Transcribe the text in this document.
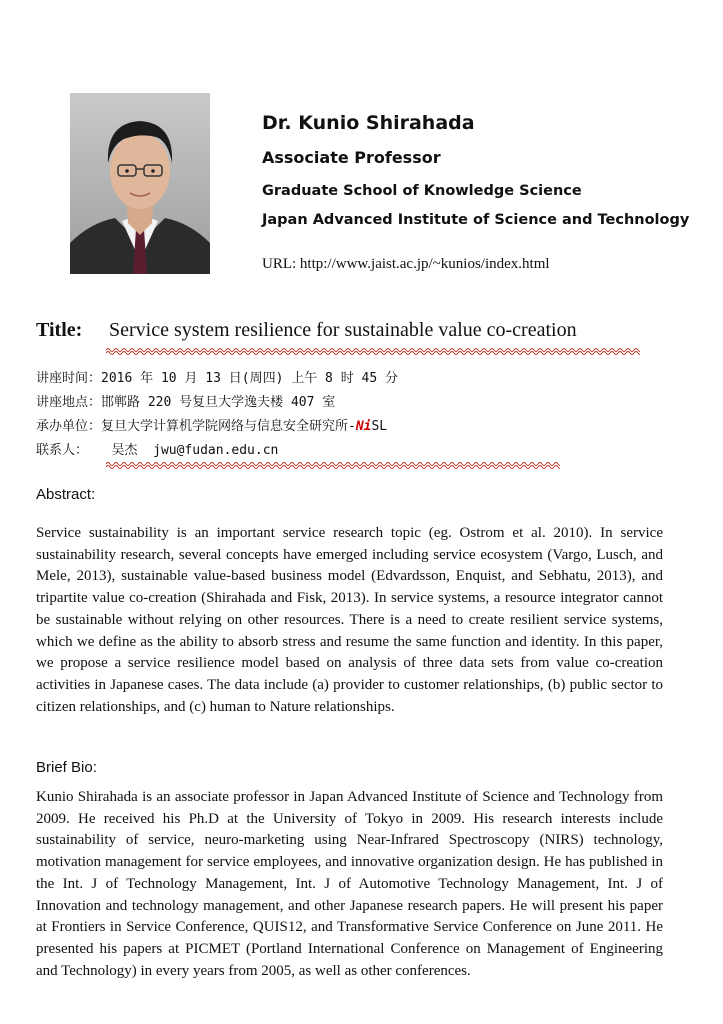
Dr. Kunio Shirahada
Associate Professor
Graduate School of Knowledge Science
Japan Advanced Institute of Science and Technology
URL: http://www.jaist.ac.jp/~kunios/index.html
Title: Service system resilience for sustainable value co-creation
讲座时间：2016 年 10 月 13 日(周四) 上午 8 时 45 分
讲座地点：邯郸路 220 号复旦大学逸夫楼 407 室
承办单位：复旦大学计算机学院网络与信息安全研究所-NiSL
联系人：   吴杰  jwu@fudan.edu.cn
Abstract:
Service sustainability is an important service research topic (eg. Ostrom et al. 2010). In service sustainability research, several concepts have emerged including service ecosystem (Vargo, Lusch, and Mele, 2013), sustainable value-based business model (Edvardsson, Enquist, and Sebhatu, 2013), and tripartite value co-creation (Shirahada and Fisk, 2013). In service systems, a resource integrator cannot be sustainable without relying on other resources. There is a need to create resilient service systems, which we define as the ability to absorb stress and resume the same function and identity. In this paper, we propose a service resilience model based on analysis of three data sets from value co-creation activities in Japanese cases. The data include (a) provider to customer relationships, (b) public sector to citizen relationships, and (c) human to Nature relationships.
Brief Bio:
Kunio Shirahada is an associate professor in Japan Advanced Institute of Science and Technology from 2009. He received his Ph.D at the University of Tokyo in 2009. His research interests include sustainability of service, neuro-marketing using Near-Infrared Spectroscopy (NIRS) technology, motivation management for service employees, and innovative organization design. He has published in the Int. J of Technology Management, Int. J of Automotive Technology Management, Int. J of Innovation and technology management, and other Japanese research papers. He will present his paper at Frontiers in Service Conference, QUIS12, and Transformative Service Conference on June 2011. He presented his papers at PICMET (Portland International Conference on Management of Engineering and Technology) in every years from 2005, as well as other conferences.
